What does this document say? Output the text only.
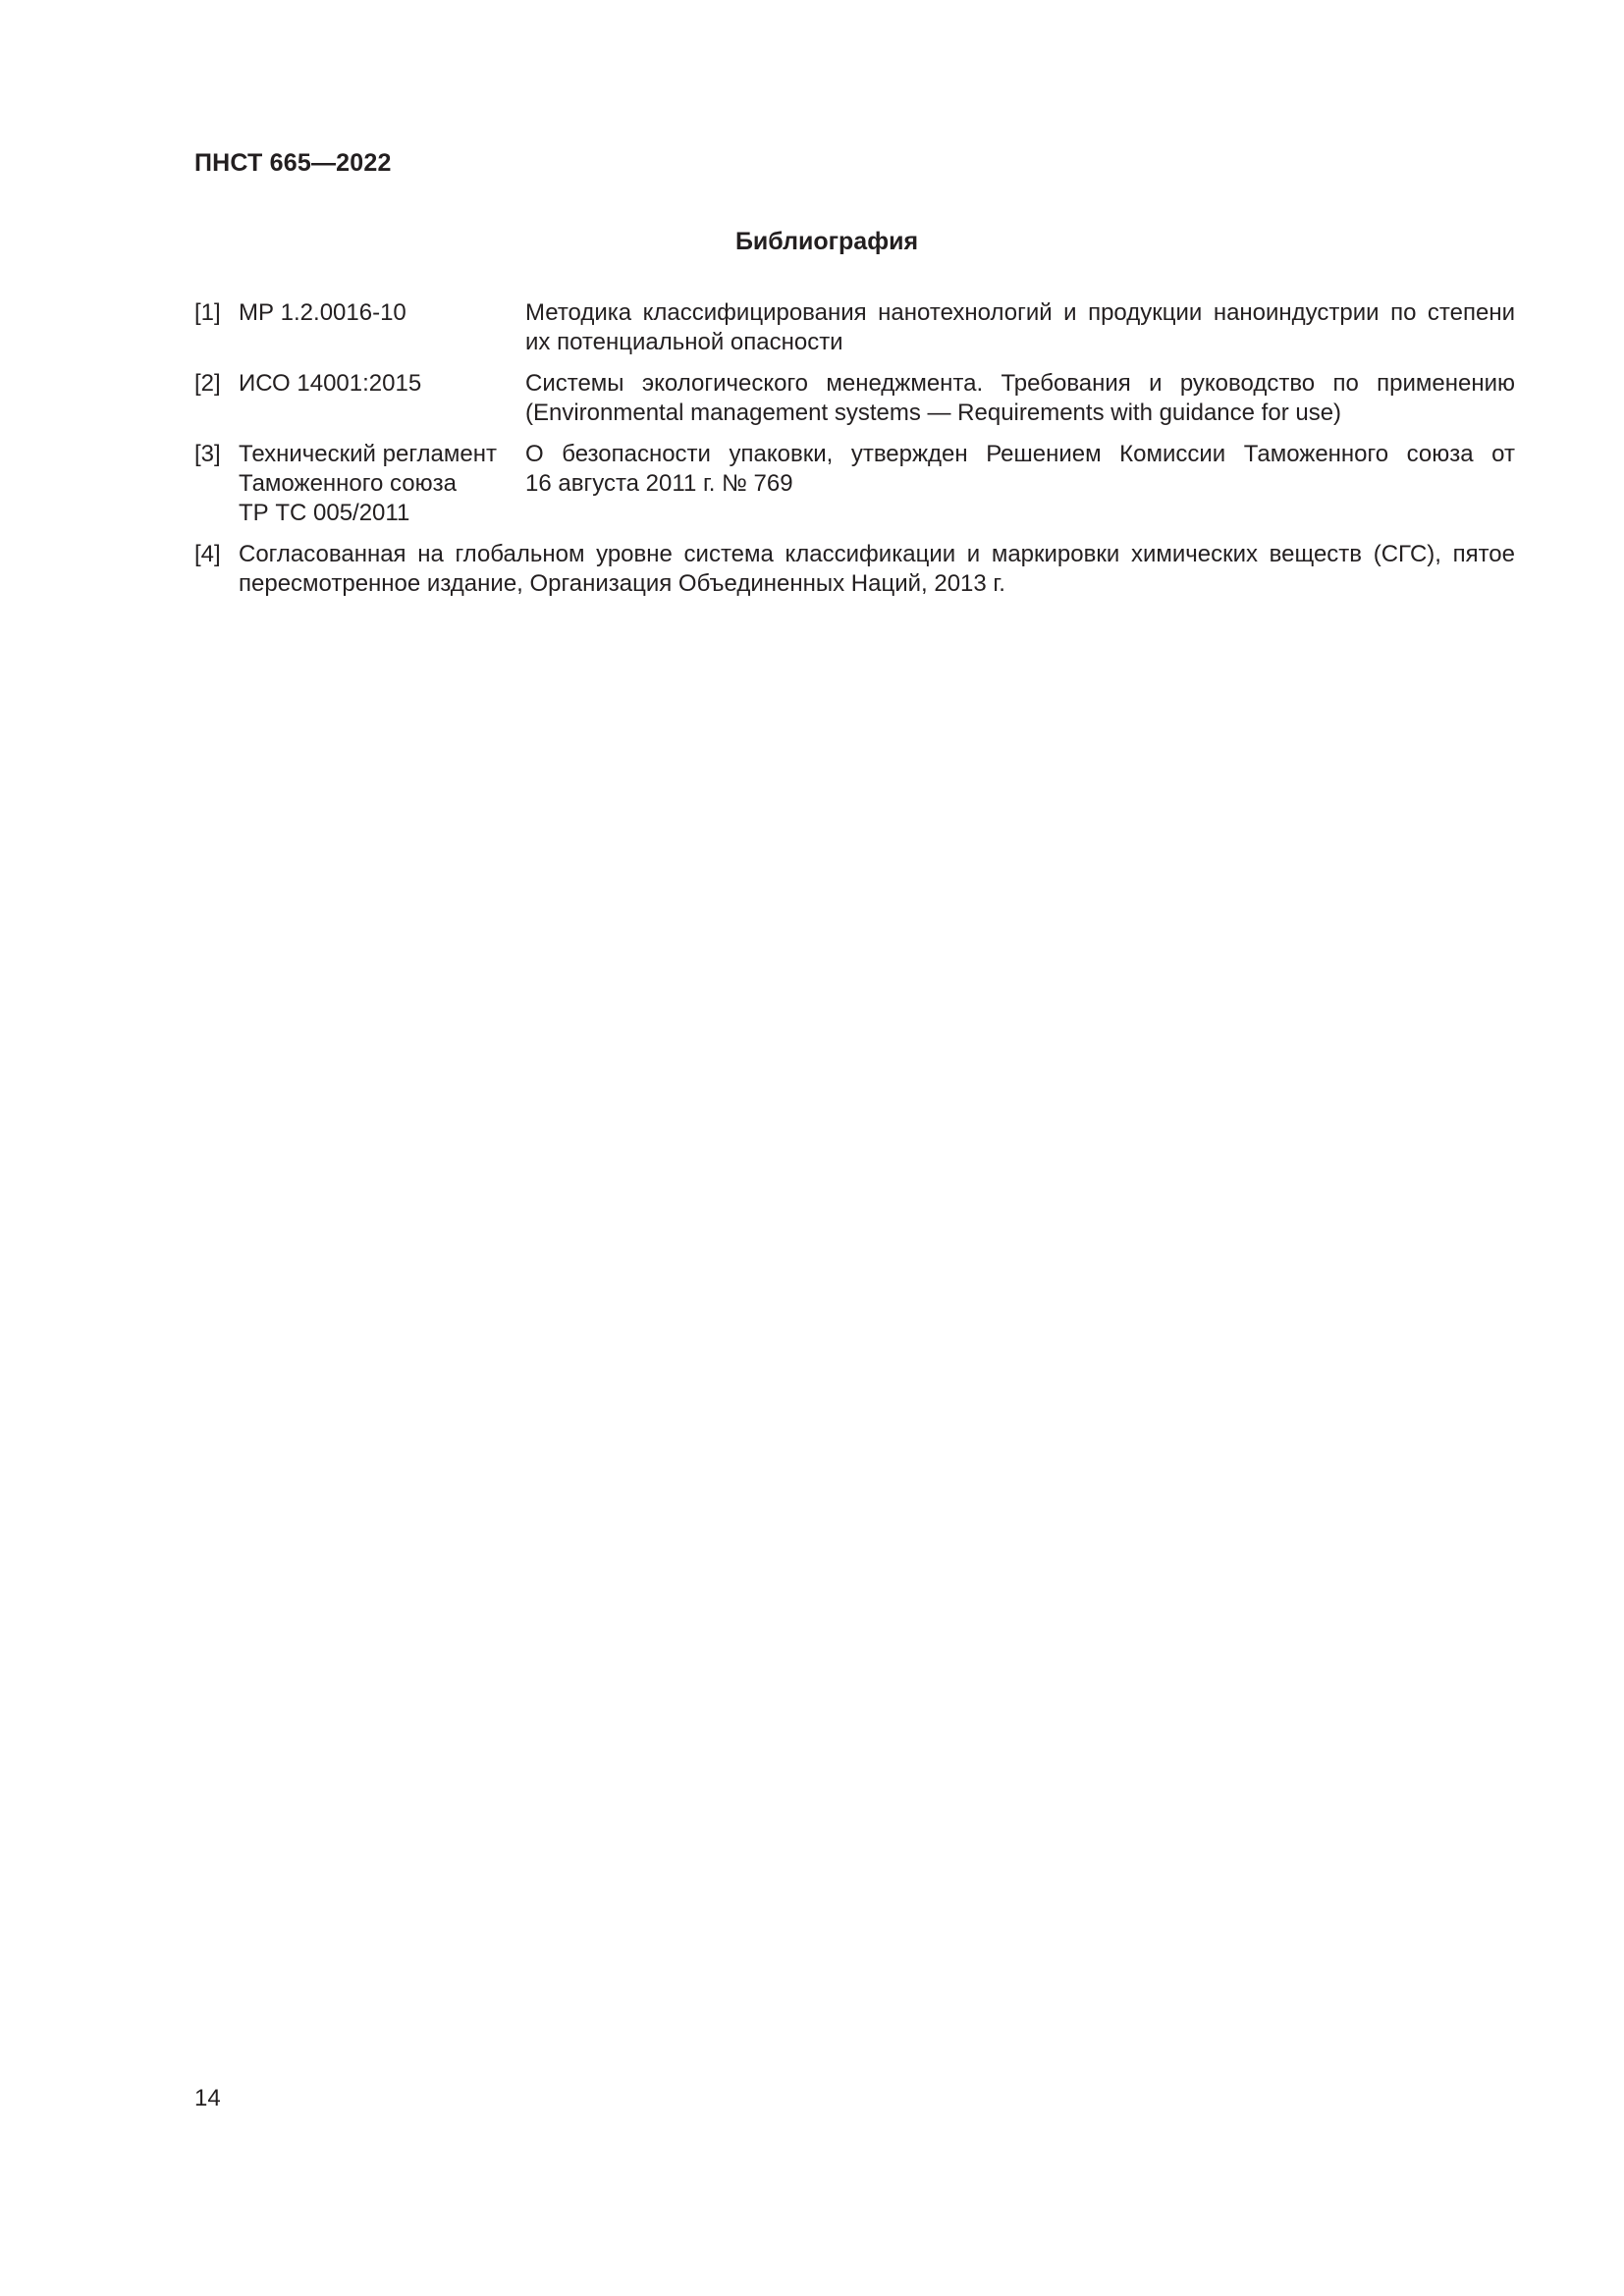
ПНСТ 665—2022
Библиография
[1] МР 1.2.0016-10	Методика классифицирования нанотехнологий и продукции наноиндустрии по степени
их потенциальной опасности
[2] ИСО 14001:2015	Системы экологического менеджмента. Требования и руководство по применению
(Environmental management systems — Requirements with guidance for use)
[3] Технический регламент
Таможенного союза
ТР ТС 005/2011
О безопасности упаковки, утвержден Решением Комиссии Таможенного союза от
16 августа 2011 г. № 769
[4] Согласованная на глобальном уровне система классификации и маркировки химических веществ (СГС), пятое
пересмотренное издание, Организация Объединенных Наций, 2013 г.
14
